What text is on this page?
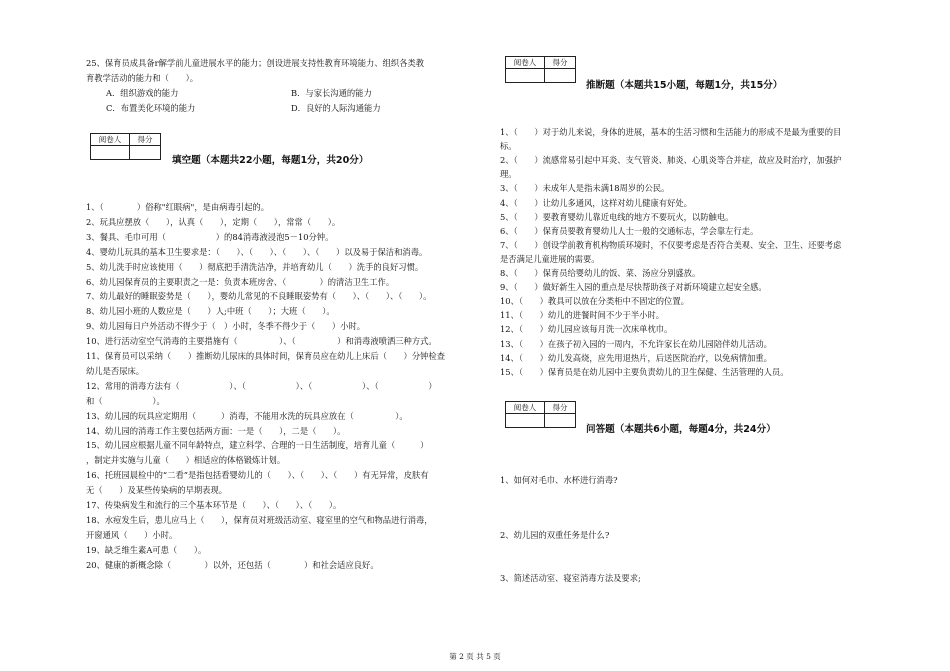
25、保育员成具备r解学前儿童进展水平的能力；创设进展支持性教育环境能力、组织各类教
育教学活动的能力和（　　）。
A．组织游戏的能力	B．与家长沟通的能力
C．布置美化环境的能力	D．良好的人际沟通能力
阅卷人	得分

填空题（本题共22小题，每题1分，共20分）
1、（　　　　）俗称"红眼病"，是由病毒引起的。
2、玩具应摆放（　　），认真（　　），定期（　　），常常（　　）。
3、餐具、毛巾可用（　　　　　　）的84消毒液浸泡5－10分钟。
4、婴幼儿玩具的基本卫生要求是：（　　）、（　　）、（　　）、（　　）以及易于保洁和消毒。
5、幼儿洗手时应该使用（　　）彻底把手清洗洁净，并培育幼儿（　　）洗手的良好习惯。
6、幼儿园保育员的主要职责之一是：负责本班房舍、（　　　　）的清洁卫生工作。
7、幼儿最好的睡眠姿势是（　　），婴幼儿常见的不良睡眠姿势有（　　）、（　　）、（　　）。
8、幼儿园小班的人数应是（　　）人;中班（　　）；大班（　　）。
9、幼儿园每日户外活动不得少于（　）小时，冬季不得少于（　　）小时。
10、进行活动室空气消毒的主要措施有（　　　　　）、（　　　　　）和消毒液喷洒三种方式。
11、保育员可以采纳（　　）推断幼儿尿床的具体时间，保育员应在幼儿上床后（　　）分钟检查
幼儿是否尿床。
12、常用的消毒方法有（　　　　　　）、（　　　　　　）、（　　　　　　）、（　　　　　　）
和（　　　　　　）。
13、幼儿园的玩具应定期用（　　　）消毒，不能用水洗的玩具应放在（　　　　　）。
14、幼儿园的消毒工作主要包括两方面：一是（　　），二是（　　）。
15、幼儿园应根据儿童不同年龄特点，建立科学、合理的一日生活制度，培育儿童（　　　）
，制定并实施与儿童（　　）相适应的体格锻炼计划。
16、托班园晨检中的“二看”是指包括看婴幼儿的（　　）、（　　）、（　　）有无异常，皮肤有
无（　　）及某些传染病的早期表现。
17、传染病发生和流行的三个基本环节是（　　）、（　　）、（　　）。
18、水痘发生后，患儿应马上（　　），保育员对班级活动室、寝室里的空气和物品进行消毒，
开窗通风（　　）小时。
19、缺乏维生素A可患（　　）。
20、健康的新概念除（　　　　）以外，还包括（　　　　）和社会适应良好。
阅卷人	得分

推断题（本题共15小题，每题1分，共15分）
1、（　　）对于幼儿来说，身体的进展，基本的生活习惯和生活能力的形成不是最为重要的目
标。
2、（　　）流感常易引起中耳炎、支气管炎、肺炎、心肌炎等合并症，故应及时治疗，加强护
理。
3、（　　）未成年人是指未满18周岁的公民。
4、（　　）让幼儿多通风，这样对幼儿健康有好处。
5、（　　）要教育婴幼儿靠近电线的地方不要玩火，以防触电。
6、（　　）保育员要教育婴幼儿人士一般的交通标志，学会靠左行走。
7、（　　）创设学前教育机构物质环境时，不仅要考虑是否符合美观、安全、卫生、还要考虑
是否满足儿童进展的需要。
8、（　　）保育员给婴幼儿的饭、菜、汤应分别盛放。
9、（　　）做好新生入园的重点是尽快帮助孩子对新环境建立起安全感。
10、（　　）教具可以放在分类柜中不固定的位置。
11、（　　）幼儿的进餐时间不少于半小时。
12、（　　）幼儿园应该每月洗一次床单枕巾。
13、（　　）在孩子初入园的一周内，不允许家长在幼儿园陪伴幼儿活动。
14、（　　）幼儿发高烧，应先用退热片，后送医院治疗，以免病情加重。
15、（　　）保育员是在幼儿园中主要负责幼儿的卫生保健、生活管理的人员。
阅卷人	得分

问答题（本题共6小题，每题4分，共24分）
1、如何对毛巾、水杯进行消毒?
2、幼儿园的双重任务是什么?
3、简述活动室、寝室消毒方法及要求;
第 2 页 共 5 页
